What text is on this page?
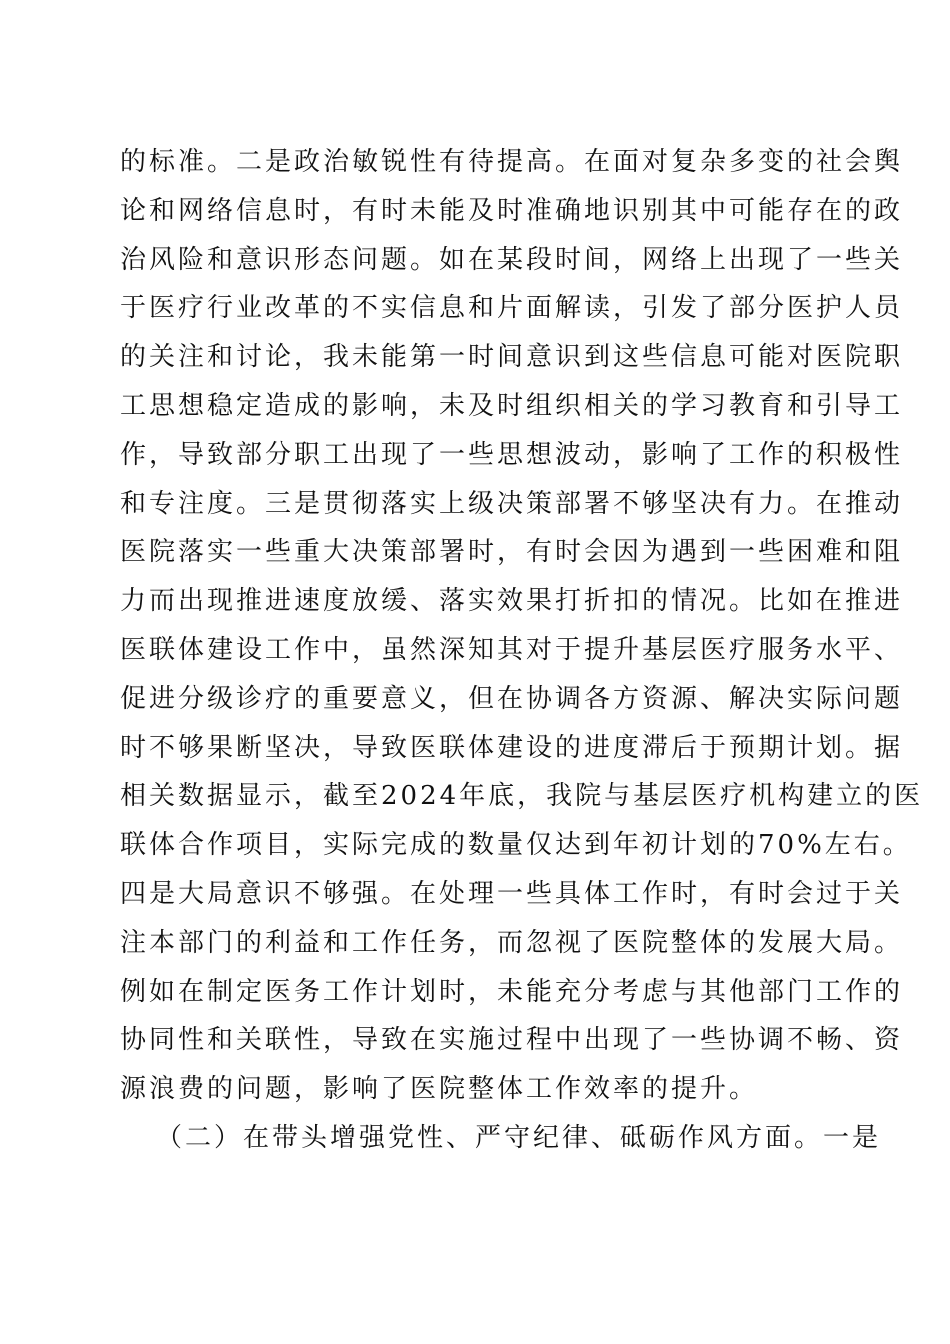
的标准。二是政治敏锐性有待提高。在面对复杂多变的社会舆
论和网络信息时，有时未能及时准确地识别其中可能存在的政
治风险和意识形态问题。如在某段时间，网络上出现了一些关
于医疗行业改革的不实信息和片面解读，引发了部分医护人员
的关注和讨论，我未能第一时间意识到这些信息可能对医院职
工思想稳定造成的影响，未及时组织相关的学习教育和引导工
作，导致部分职工出现了一些思想波动，影响了工作的积极性
和专注度。三是贯彻落实上级决策部署不够坚决有力。在推动
医院落实一些重大决策部署时，有时会因为遇到一些困难和阻
力而出现推进速度放缓、落实效果打折扣的情况。比如在推进
医联体建设工作中，虽然深知其对于提升基层医疗服务水平、
促进分级诊疗的重要意义，但在协调各方资源、解决实际问题
时不够果断坚决，导致医联体建设的进度滞后于预期计划。据
相关数据显示，截至2024年底，我院与基层医疗机构建立的医
联体合作项目，实际完成的数量仅达到年初计划的70%左右。
四是大局意识不够强。在处理一些具体工作时，有时会过于关
注本部门的利益和工作任务，而忽视了医院整体的发展大局。
例如在制定医务工作计划时，未能充分考虑与其他部门工作的
协同性和关联性，导致在实施过程中出现了一些协调不畅、资
源浪费的问题，影响了医院整体工作效率的提升。
（二）在带头增强党性、严守纪律、砥砺作风方面。一是
